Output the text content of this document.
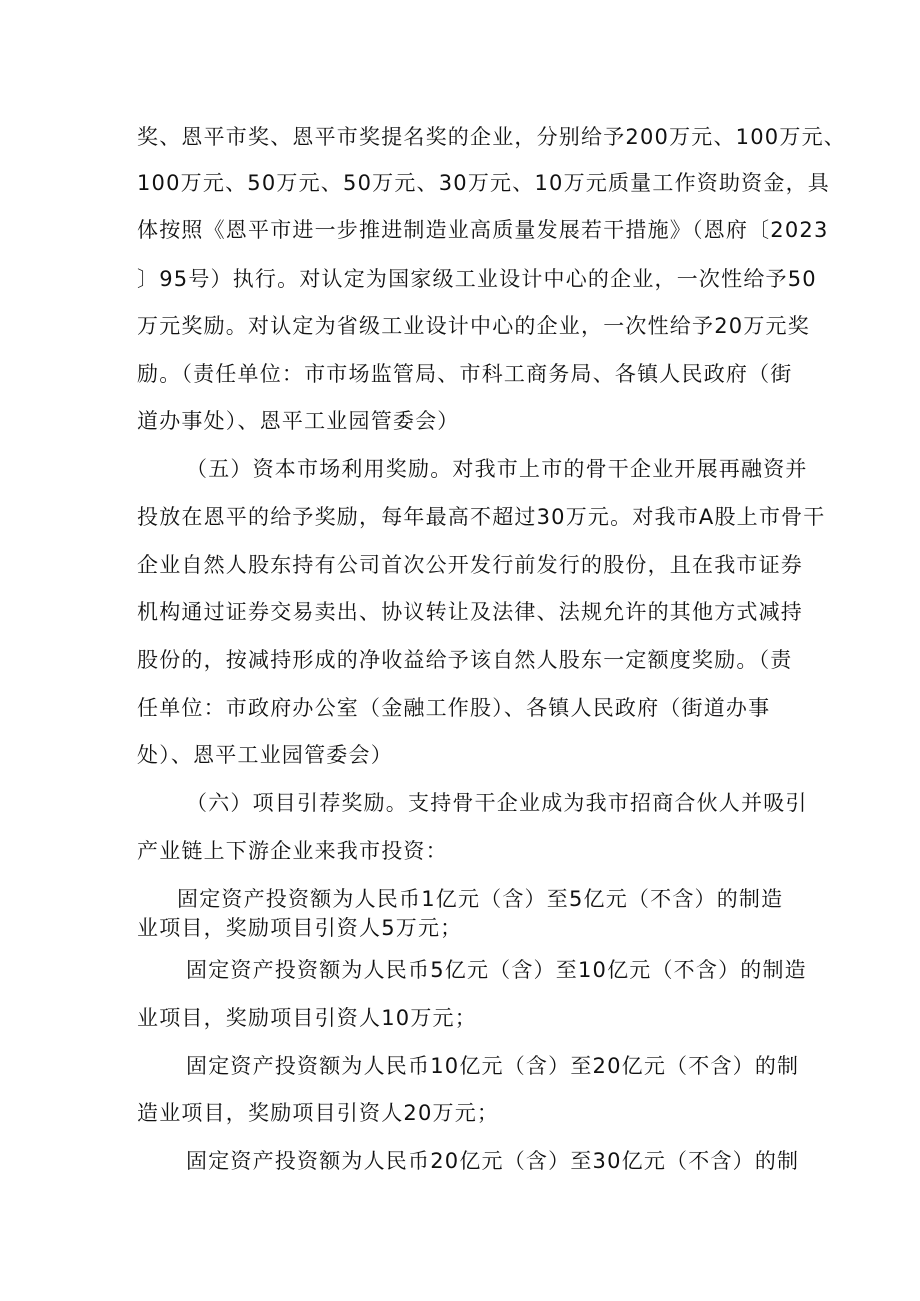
奖、恩平市奖、恩平市奖提名奖的企业，分别给予200万元、100万元、
100万元、50万元、50万元、30万元、10万元质量工作资助资金，具
体按照《恩平市进一步推进制造业高质量发展若干措施》（恩府〔2023
〕95号）执行。对认定为国家级工业设计中心的企业，一次性给予50
万元奖励。对认定为省级工业设计中心的企业，一次性给予20万元奖
励。（责任单位：市市场监管局、市科工商务局、各镇人民政府（街
道办事处）、恩平工业园管委会）
（五）资本市场利用奖励。对我市上市的骨干企业开展再融资并
投放在恩平的给予奖励，每年最高不超过30万元。对我市A股上市骨干
企业自然人股东持有公司首次公开发行前发行的股份，且在我市证券
机构通过证券交易卖出、协议转让及法律、法规允许的其他方式减持
股份的，按减持形成的净收益给予该自然人股东一定额度奖励。（责
任单位：市政府办公室（金融工作股）、各镇人民政府（街道办事
处）、恩平工业园管委会）
（六）项目引荐奖励。支持骨干企业成为我市招商合伙人并吸引
产业链上下游企业来我市投资：
固定资产投资额为人民币1亿元（含）至5亿元（不含）的制造
业项目，奖励项目引资人5万元；
固定资产投资额为人民币5亿元（含）至10亿元（不含）的制造
业项目，奖励项目引资人10万元；
固定资产投资额为人民币10亿元（含）至20亿元（不含）的制
造业项目，奖励项目引资人20万元；
固定资产投资额为人民币20亿元（含）至30亿元（不含）的制
